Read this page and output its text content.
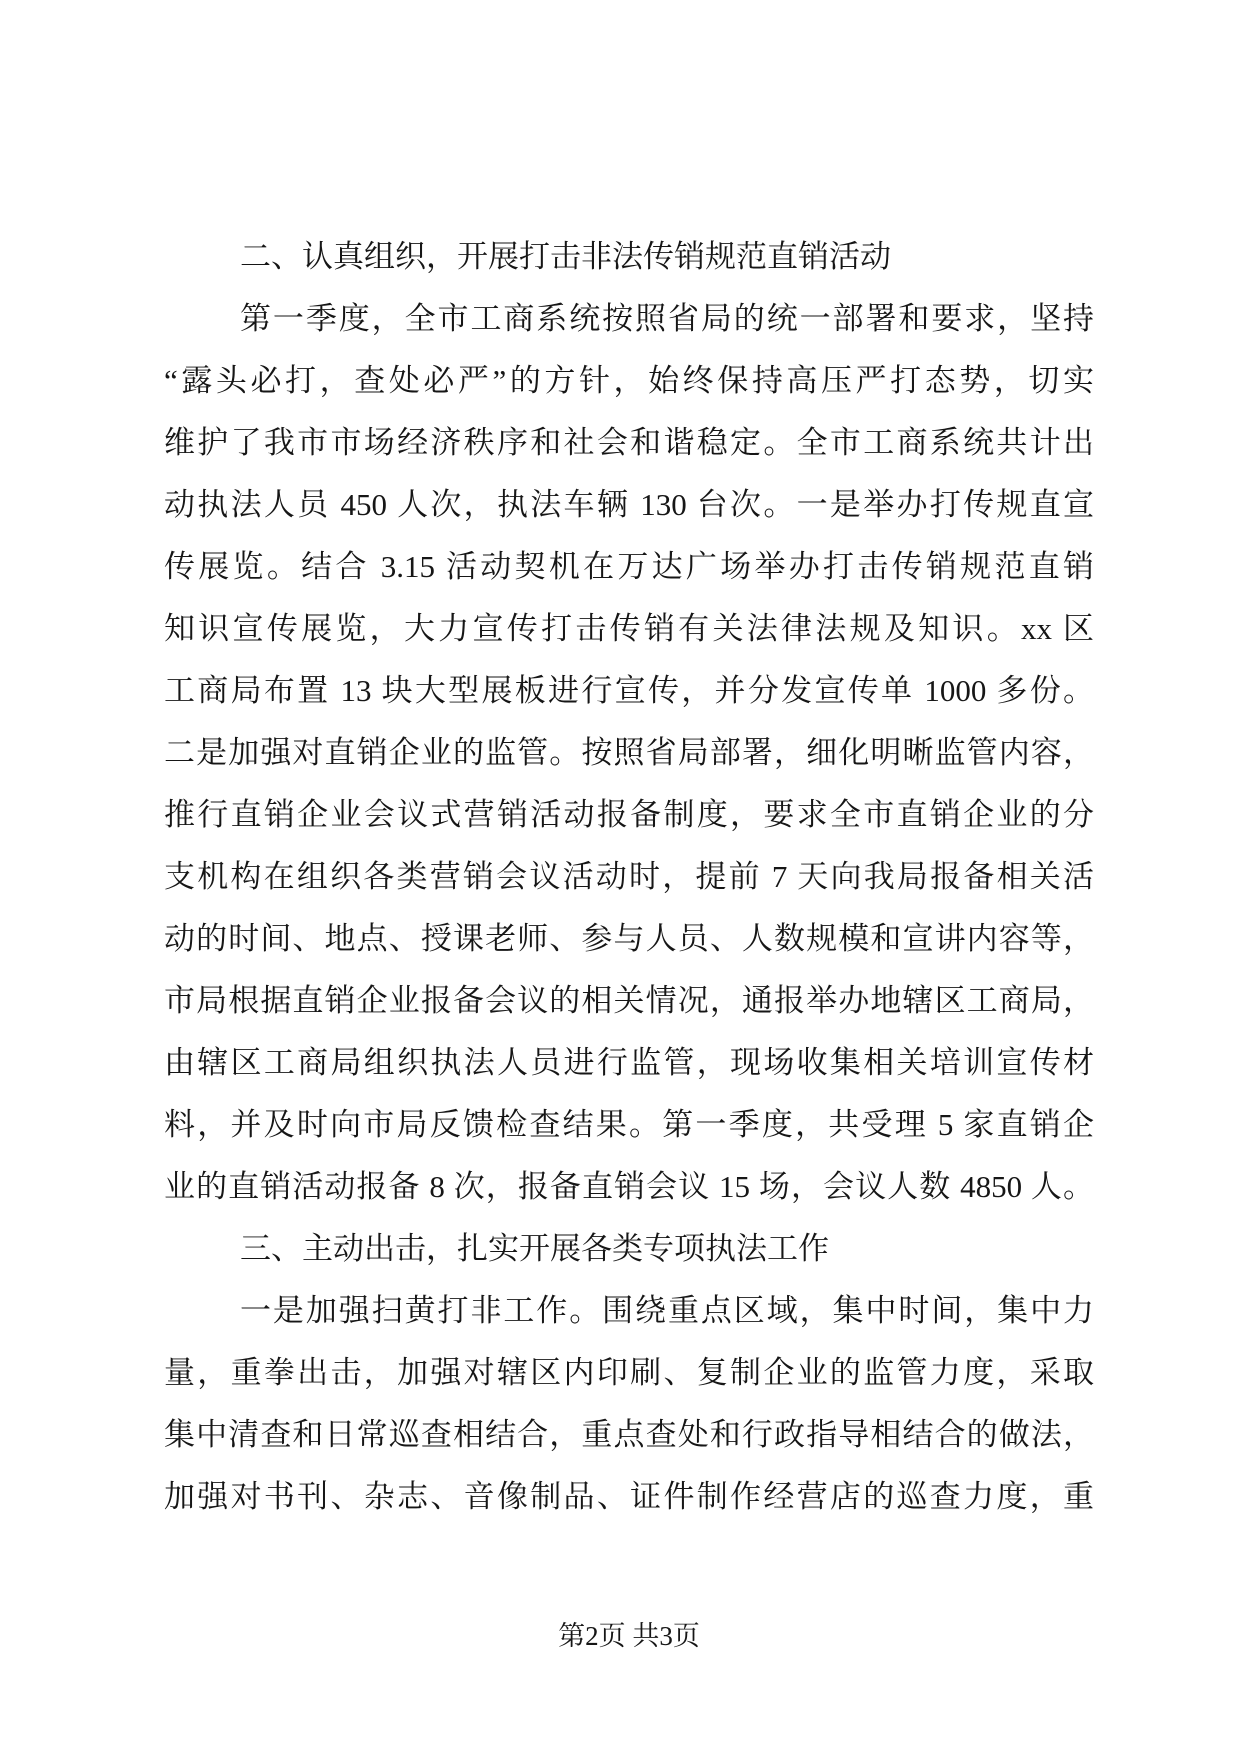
二、认真组织，开展打击非法传销规范直销活动
第一季度，全市工商系统按照省局的统一部署和要求，坚持
“露头必打，查处必严”的方针，始终保持高压严打态势，切实
维护了我市市场经济秩序和社会和谐稳定。全市工商系统共计出
动执法人员 450 人次，执法车辆 130 台次。一是举办打传规直宣
传展览。结合 3.15 活动契机在万达广场举办打击传销规范直销
知识宣传展览，大力宣传打击传销有关法律法规及知识。xx 区
工商局布置 13 块大型展板进行宣传，并分发宣传单 1000 多份。
二是加强对直销企业的监管。按照省局部署，细化明晰监管内容，
推行直销企业会议式营销活动报备制度，要求全市直销企业的分
支机构在组织各类营销会议活动时，提前 7 天向我局报备相关活
动的时间、地点、授课老师、参与人员、人数规模和宣讲内容等，
市局根据直销企业报备会议的相关情况，通报举办地辖区工商局，
由辖区工商局组织执法人员进行监管，现场收集相关培训宣传材
料，并及时向市局反馈检查结果。第一季度，共受理 5 家直销企
业的直销活动报备 8 次，报备直销会议 15 场，会议人数 4850 人。
三、主动出击，扎实开展各类专项执法工作
一是加强扫黄打非工作。围绕重点区域，集中时间，集中力
量，重拳出击，加强对辖区内印刷、复制企业的监管力度，采取
集中清查和日常巡查相结合，重点查处和行政指导相结合的做法，
加强对书刊、杂志、音像制品、证件制作经营店的巡查力度，重
第2页 共3页
